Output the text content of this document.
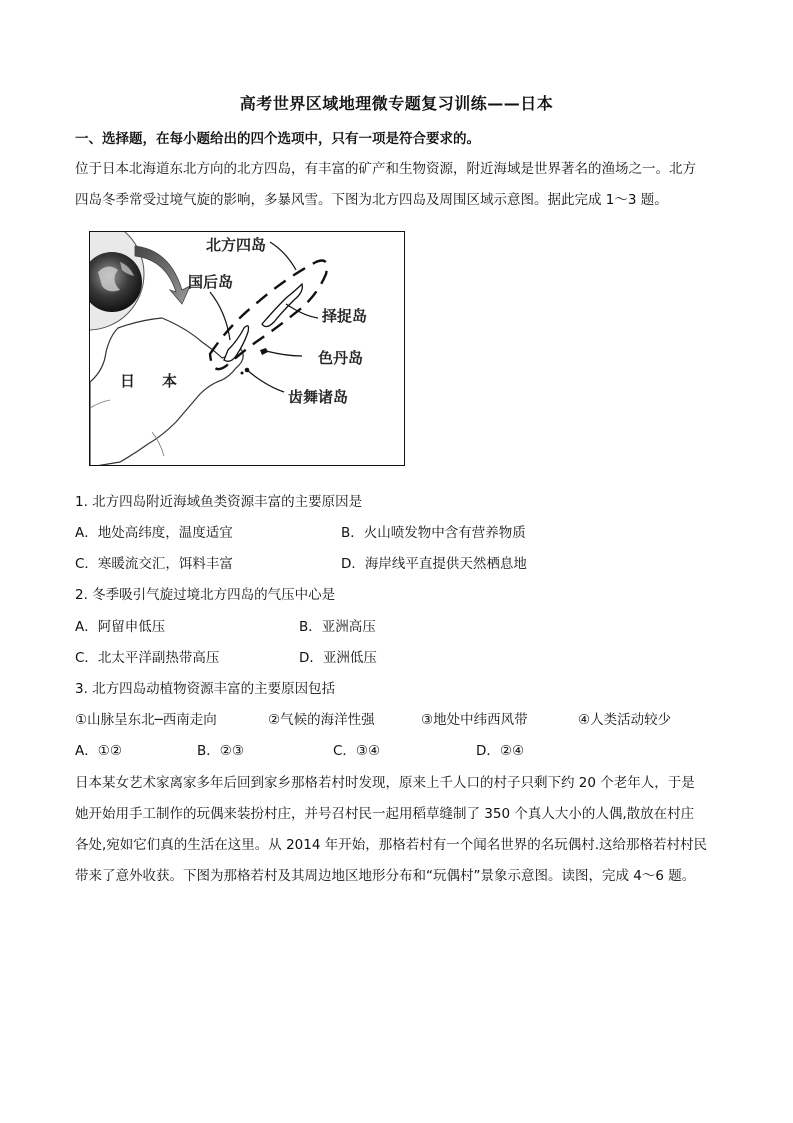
高考世界区域地理微专题复习训练——日本
一、选择题，在每小题给出的四个选项中，只有一项是符合要求的。
位于日本北海道东北方向的北方四岛，有丰富的矿产和生物资源，附近海域是世界著名的渔场之一。北方
四岛冬季常受过境气旋的影响，多暴风雪。下图为北方四岛及周围区域示意图。据此完成 1～3 题。
北方四岛
国后岛
择捉岛
色丹岛
齿舞诸岛
日 本
1. 北方四岛附近海域鱼类资源丰富的主要原因是
A．地处高纬度，温度适宜	B．火山喷发物中含有营养物质
C．寒暖流交汇，饵料丰富	D．海岸线平直提供天然栖息地
2. 冬季吸引气旋过境北方四岛的气压中心是
A．阿留申低压	B．亚洲高压
C．北太平洋副热带高压	D．亚洲低压
3. 北方四岛动植物资源丰富的主要原因包括
①山脉呈东北─西南走向	②气候的海洋性强	③地处中纬西风带	④人类活动较少
A．①②	B．②③	C．③④	D．②④
日本某女艺术家离家多年后回到家乡那格若村时发现，原来上千人口的村子只剩下约 20 个老年人，于是
她开始用手工制作的玩偶来装扮村庄，并号召村民一起用稻草缝制了 350 个真人大小的人偶,散放在村庄
各处,宛如它们真的生活在这里。从 2014 年开始，那格若村有一个闻名世界的名玩偶村.这给那格若村村民
带来了意外收获。下图为那格若村及其周边地区地形分布和“玩偶村”景象示意图。读图，完成 4～6 题。
